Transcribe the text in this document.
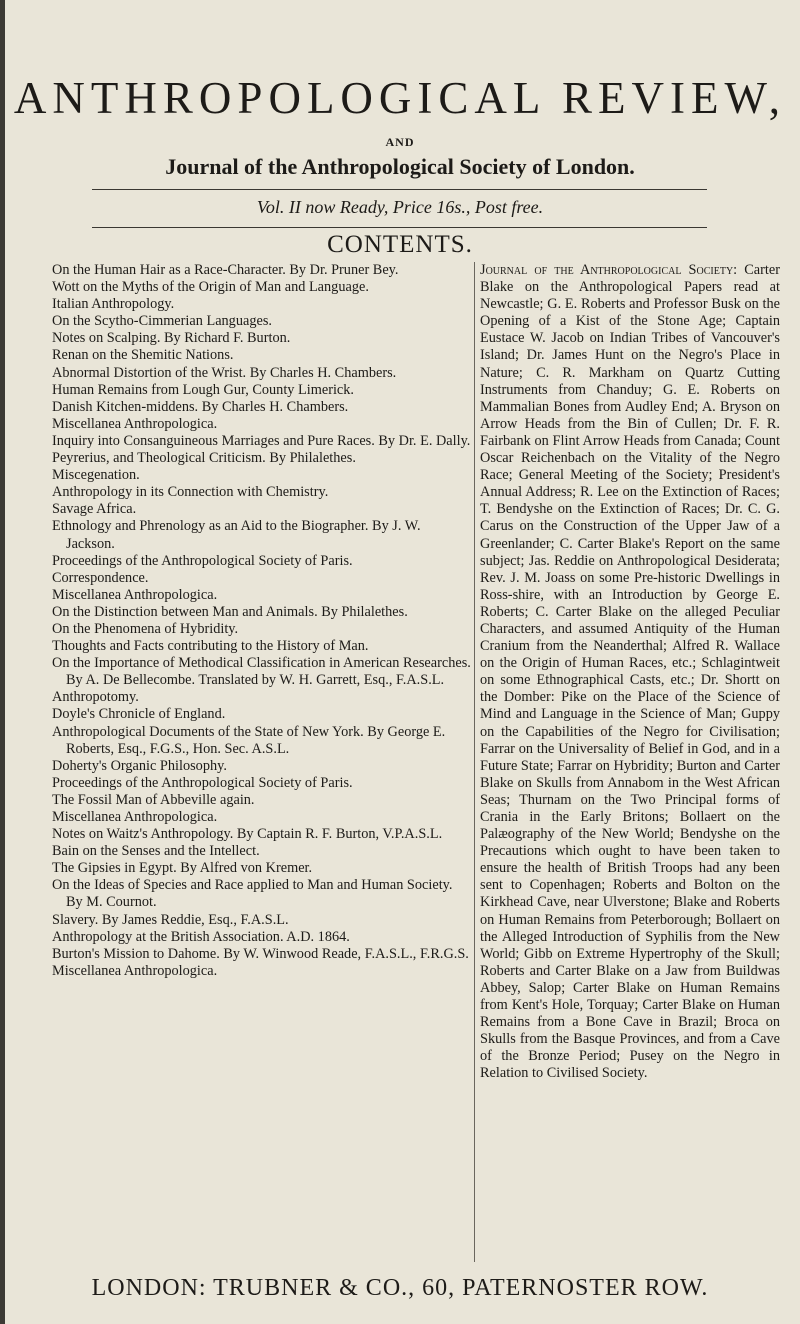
ANTHROPOLOGICAL REVIEW,
AND
Journal of the Anthropological Society of London.
Vol. II now Ready, Price 16s., Post free.
CONTENTS.

On the Human Hair as a Race-Character. By Dr. Pruner Bey.

Wott on the Myths of the Origin of Man and Language.

Italian Anthropology.

On the Scytho-Cimmerian Languages.

Notes on Scalping. By Richard F. Burton.

Renan on the Shemitic Nations.

Abnormal Distortion of the Wrist. By Charles H. Chambers.

Human Remains from Lough Gur, County Limerick.

Danish Kitchen-middens. By Charles H. Chambers.

Miscellanea Anthropologica.

Inquiry into Consanguineous Marriages and Pure Races. By Dr. E. Dally.

Peyrerius, and Theological Criticism. By Philalethes.

Miscegenation.

Anthropology in its Connection with Chemistry.

Savage Africa.

Ethnology and Phrenology as an Aid to the Biographer. By J. W. Jackson.

Proceedings of the Anthropological Society of Paris.

Correspondence.

Miscellanea Anthropologica.

On the Distinction between Man and Animals. By Philalethes.

On the Phenomena of Hybridity.

Thoughts and Facts contributing to the History of Man.

On the Importance of Methodical Classification in American Researches. By A. De Bellecombe. Translated by W. H. Garrett, Esq., F.A.S.L.

Anthropotomy.

Doyle's Chronicle of England.

Anthropological Documents of the State of New York. By George E. Roberts, Esq., F.G.S., Hon. Sec. A.S.L.

Doherty's Organic Philosophy.

Proceedings of the Anthropological Society of Paris.

The Fossil Man of Abbeville again.

Miscellanea Anthropologica.

Notes on Waitz's Anthropology. By Captain R. F. Burton, V.P.A.S.L.

Bain on the Senses and the Intellect.

The Gipsies in Egypt. By Alfred von Kremer.

On the Ideas of Species and Race applied to Man and Human Society. By M. Cournot.

Slavery. By James Reddie, Esq., F.A.S.L.

Anthropology at the British Association. A.D. 1864.

Burton's Mission to Dahome. By W. Winwood Reade, F.A.S.L., F.R.G.S.

Miscellanea Anthropologica.

Journal of the Anthropological Society: Carter Blake on the Anthropological Papers read at Newcastle; G. E. Roberts and Professor Busk on the Opening of a Kist of the Stone Age; Captain Eustace W. Jacob on Indian Tribes of Vancouver's Island; Dr. James Hunt on the Negro's Place in Nature; C. R. Markham on Quartz Cutting Instruments from Chanduy; G. E. Roberts on Mammalian Bones from Audley End; A. Bryson on Arrow Heads from the Bin of Cullen; Dr. F. R. Fairbank on Flint Arrow Heads from Canada; Count Oscar Reichenbach on the Vitality of the Negro Race; General Meeting of the Society; President's Annual Address; R. Lee on the Extinction of Races; T. Bendyshe on the Extinction of Races; Dr. C. G. Carus on the Construction of the Upper Jaw of a Greenlander; C. Carter Blake's Report on the same subject; Jas. Reddie on Anthropological Desiderata; Rev. J. M. Joass on some Pre-historic Dwellings in Ross-shire, with an Introduction by George E. Roberts; C. Carter Blake on the alleged Peculiar Characters, and assumed Antiquity of the Human Cranium from the Neanderthal; Alfred R. Wallace on the Origin of Human Races, etc.; Schlagintweit on some Ethnographical Casts, etc.; Dr. Shortt on the Domber: Pike on the Place of the Science of Mind and Language in the Science of Man; Guppy on the Capabilities of the Negro for Civilisation; Farrar on the Universality of Belief in God, and in a Future State; Farrar on Hybridity; Burton and Carter Blake on Skulls from Annabom in the West African Seas; Thurnam on the Two Principal forms of Crania in the Early Britons; Bollaert on the Palæography of the New World; Bendyshe on the Precautions which ought to have been taken to ensure the health of British Troops had any been sent to Copenhagen; Roberts and Bolton on the Kirkhead Cave, near Ulverstone; Blake and Roberts on Human Remains from Peterborough; Bollaert on the Alleged Introduction of Syphilis from the New World; Gibb on Extreme Hypertrophy of the Skull; Roberts and Carter Blake on a Jaw from Buildwas Abbey, Salop; Carter Blake on Human Remains from Kent's Hole, Torquay; Carter Blake on Human Remains from a Bone Cave in Brazil; Broca on Skulls from the Basque Provinces, and from a Cave of the Bronze Period; Pusey on the Negro in Relation to Civilised Society.
LONDON: TRUBNER & CO., 60, PATERNOSTER ROW.
